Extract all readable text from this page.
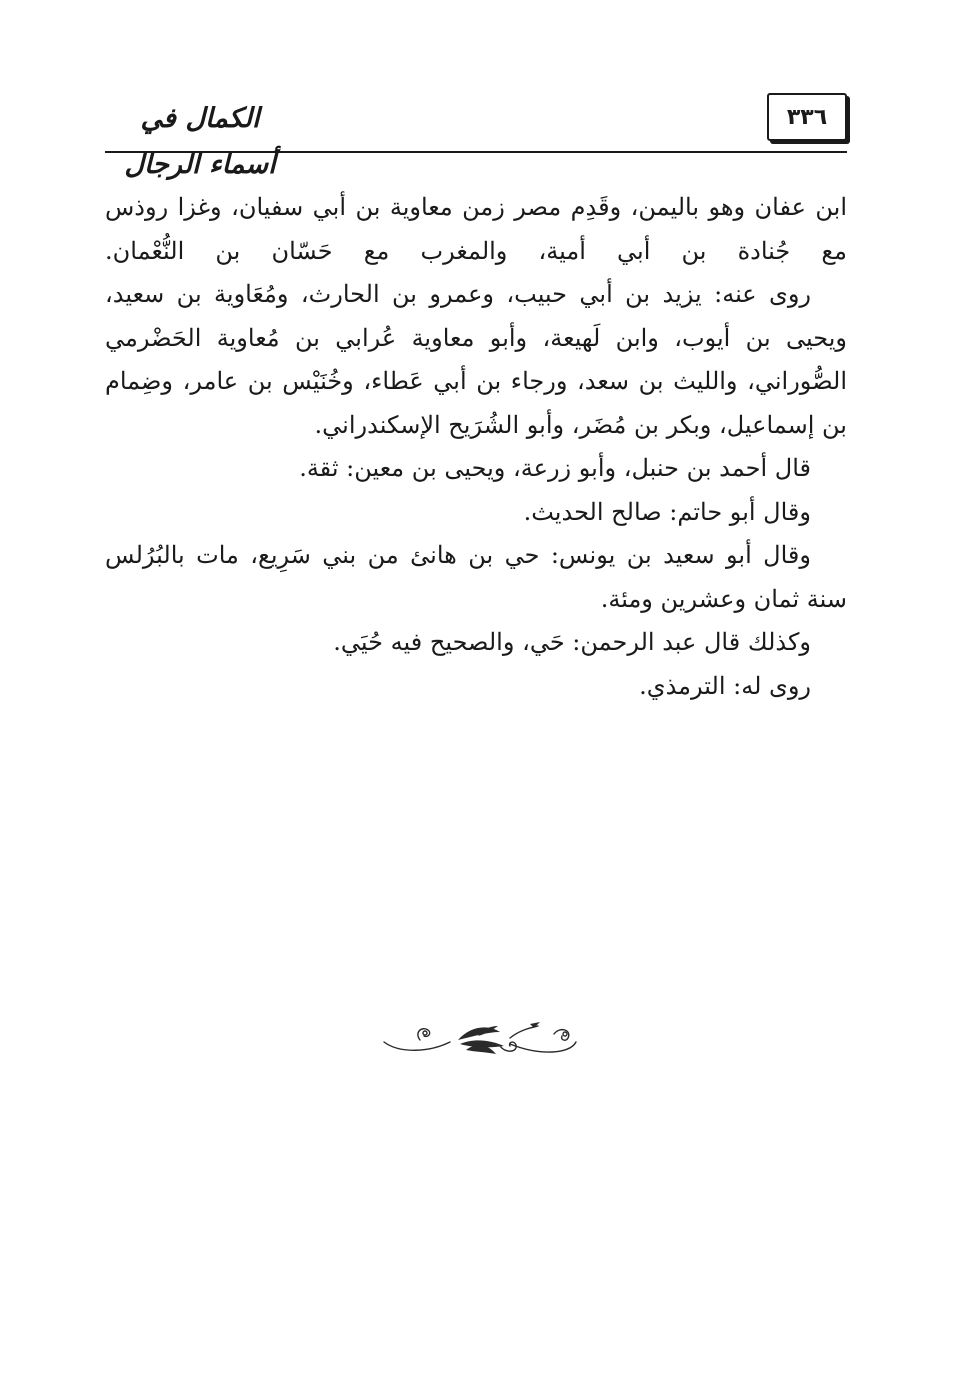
الكمال في أسماء الرجال
٣٣٦

ابن عفان وهو باليمن، وقَدِم مصر زمن معاوية بن أبي سفيان، وغزا روذس مع جُنادة بن أبي أمية، والمغرب مع حَسّان بن النُّعْمان.

روى عنه: يزيد بن أبي حبيب، وعمرو بن الحارث، ومُعَاوية بن سعيد، ويحيى بن أيوب، وابن لَهيعة، وأبو معاوية عُرابي بن مُعاوية الحَضْرمي الصُّوراني، والليث بن سعد، ورجاء بن أبي عَطاء، وخُنَيْس بن عامر، وضِمام بن إسماعيل، وبكر بن مُضَر، وأبو الشُرَيح الإسكندراني.

قال أحمد بن حنبل، وأبو زرعة، ويحيى بن معين: ثقة.

وقال أبو حاتم: صالح الحديث.

وقال أبو سعيد بن يونس: حي بن هانئ من بني سَرِيع، مات بالبُرُلس سنة ثمان وعشرين ومئة.

وكذلك قال عبد الرحمن: حَي، والصحيح فيه حُيَي.

روى له: الترمذي.
